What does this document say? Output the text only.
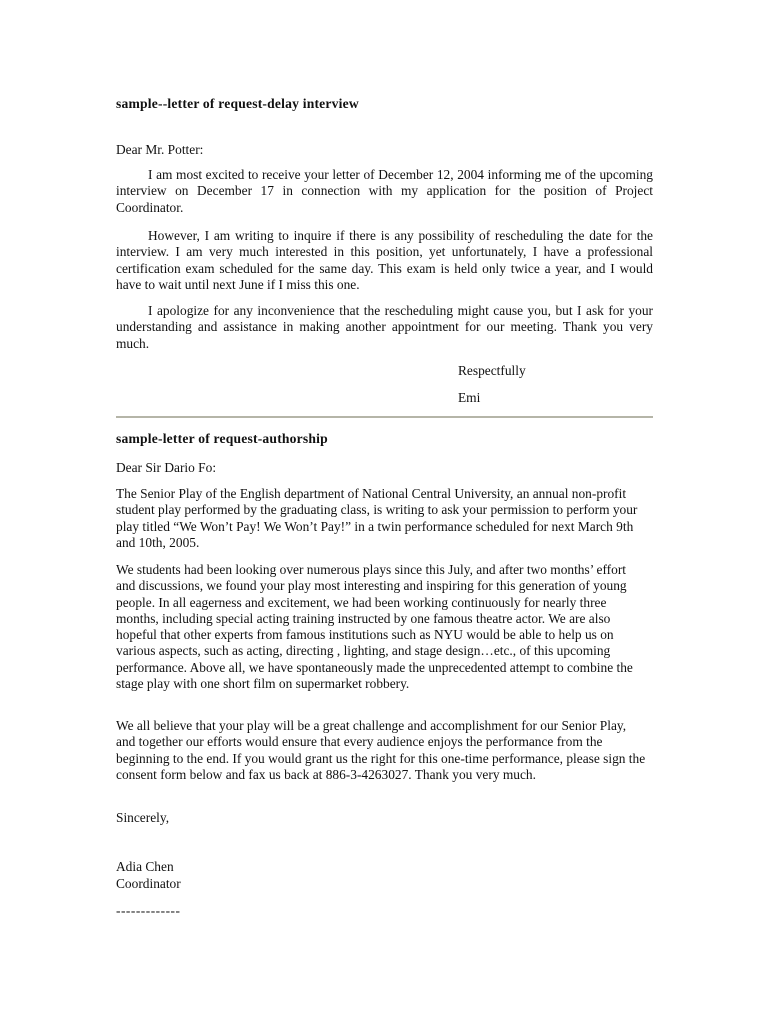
sample--letter of request-delay interview
Dear Mr. Potter:
I am most excited to receive your letter of December 12, 2004 informing me of the upcoming interview on December 17 in connection with my application for the position of Project Coordinator.
However, I am writing to inquire if there is any possibility of rescheduling the date for the interview. I am very much interested in this position, yet unfortunately, I have a professional certification exam scheduled for the same day. This exam is held only twice a year, and I would have to wait until next June if I miss this one.
I apologize for any inconvenience that the rescheduling might cause you, but I ask for your understanding and assistance in making another appointment for our meeting. Thank you very much.
Respectfully
Emi
sample-letter of request-authorship
Dear Sir Dario Fo:
The Senior Play of the English department of National Central University, an annual non-profit student play performed by the graduating class, is writing to ask your permission to perform your play titled “We Won’t Pay! We Won’t Pay!” in a twin performance scheduled for next March 9th and 10th, 2005.
We students had been looking over numerous plays since this July, and after two months’ effort and discussions, we found your play most interesting and inspiring for this generation of young people. In all eagerness and excitement, we had been working continuously for nearly three months, including special acting training instructed by one famous theatre actor. We are also hopeful that other experts from famous institutions such as NYU would be able to help us on various aspects, such as acting, directing , lighting, and stage design…etc., of this upcoming performance. Above all, we have spontaneously made the unprecedented attempt to combine the stage play with one short film on supermarket robbery.
We all believe that your play will be a great challenge and accomplishment for our Senior Play, and together our efforts would ensure that every audience enjoys the performance from the beginning to the end. If you would grant us the right for this one-time performance, please sign the consent form below and fax us back at 886-3-4263027. Thank you very much.
Sincerely,
Adia Chen
Coordinator
-------------
